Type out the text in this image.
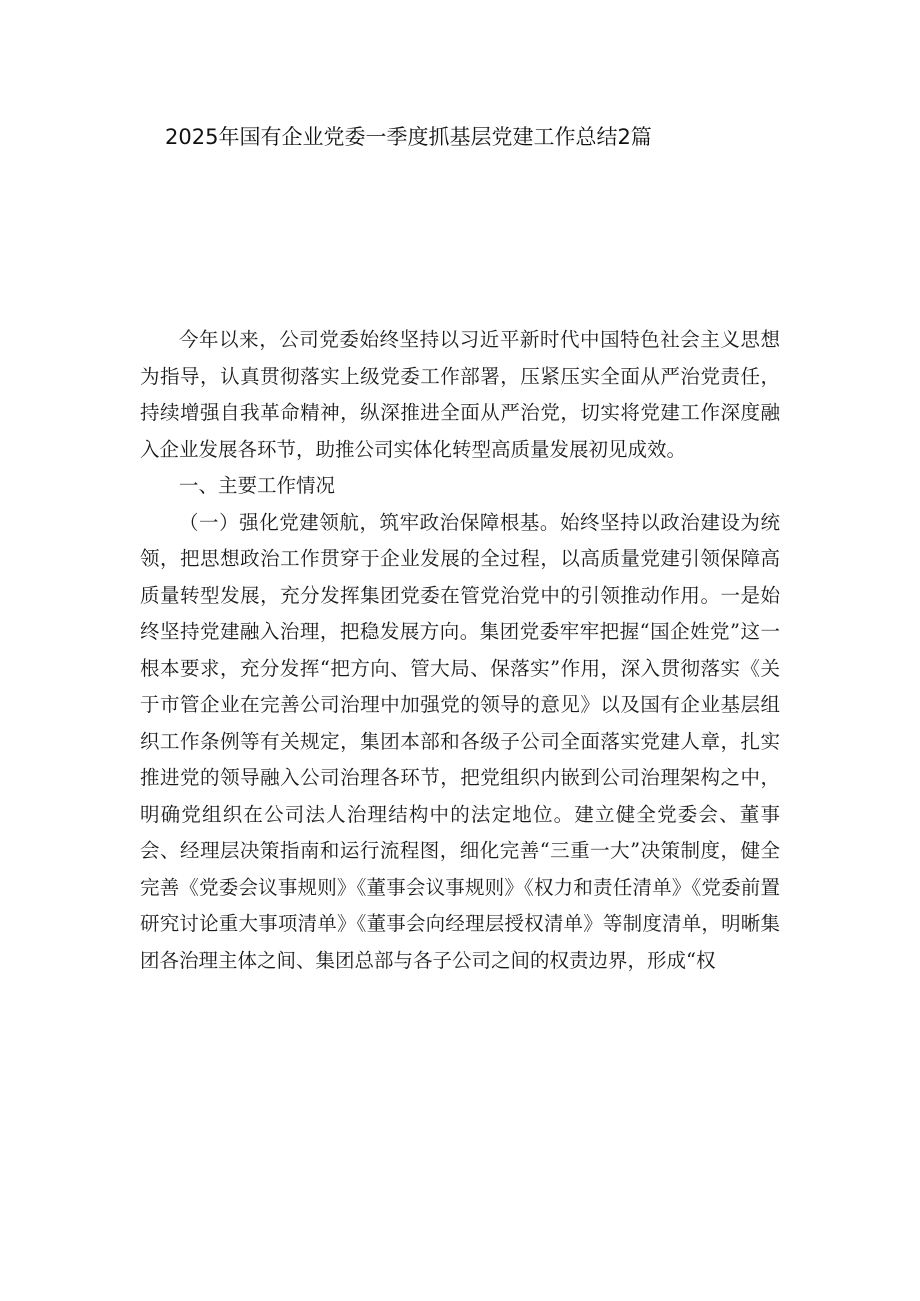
2025年国有企业党委一季度抓基层党建工作总结2篇

今年以来，公司党委始终坚持以习近平新时代中国特色社会主义思想为指导，认真贯彻落实上级党委工作部署，压紧压实全面从严治党责任，持续增强自我革命精神，纵深推进全面从严治党，切实将党建工作深度融入企业发展各环节，助推公司实体化转型高质量发展初见成效。

一、主要工作情况

（一）强化党建领航，筑牢政治保障根基。始终坚持以政治建设为统领，把思想政治工作贯穿于企业发展的全过程，以高质量党建引领保障高质量转型发展，充分发挥集团党委在管党治党中的引领推动作用。一是始终坚持党建融入治理，把稳发展方向。集团党委牢牢把握“国企姓党”这一根本要求，充分发挥“把方向、管大局、保落实”作用，深入贯彻落实《关于市管企业在完善公司治理中加强党的领导的意见》以及国有企业基层组织工作条例等有关规定，集团本部和各级子公司全面落实党建人章，扎实推进党的领导融入公司治理各环节，把党组织内嵌到公司治理架构之中，明确党组织在公司法人治理结构中的法定地位。建立健全党委会、董事会、经理层决策指南和运行流程图，细化完善“三重一大”决策制度，健全完善《党委会议事规则》《董事会议事规则》《权力和责任清单》《党委前置研究讨论重大事项清单》《董事会向经理层授权清单》等制度清单，明晰集团各治理主体之间、集团总部与各子公司之间的权责边界，形成“权
